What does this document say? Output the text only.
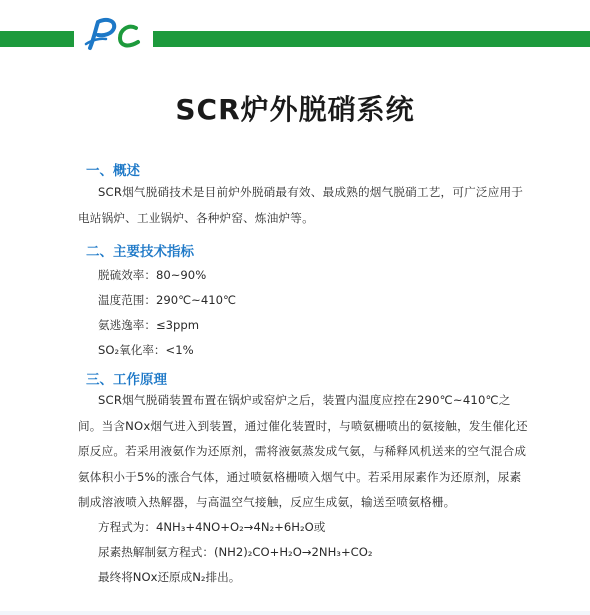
SCR炉外脱硝系统
一、概述
SCR烟气脱硝技术是目前炉外脱硝最有效、最成熟的烟气脱硝工艺，可广泛应用于电站锅炉、工业锅炉、各种炉窑、炼油炉等。
二、主要技术指标
脱硫效率：80~90%
温度范围：290℃~410℃
氨逃逸率：≤3ppm
SO₂氧化率：<1%
三、工作原理
SCR烟气脱硝装置布置在锅炉或窑炉之后，装置内温度应控在290℃~410℃之间。当含NOx烟气进入到装置，通过催化装置时，与喷氨栅喷出的氨接触，发生催化还原反应。若采用液氨作为还原剂，需将液氨蒸发成气氨，与稀释风机送来的空气混合成氨体积小于5%的涨合气体，通过喷氨格栅喷入烟气中。若采用尿素作为还原剂，尿素制成溶液喷入热解器，与高温空气接触，反应生成氨，输送至喷氨格栅。
方程式为：4NH₃+4NO+O₂→4N₂+6H₂O或
尿素热解制氨方程式：(NH2)₂CO+H₂O→2NH₃+CO₂
最终将NOx还原成N₂排出。
